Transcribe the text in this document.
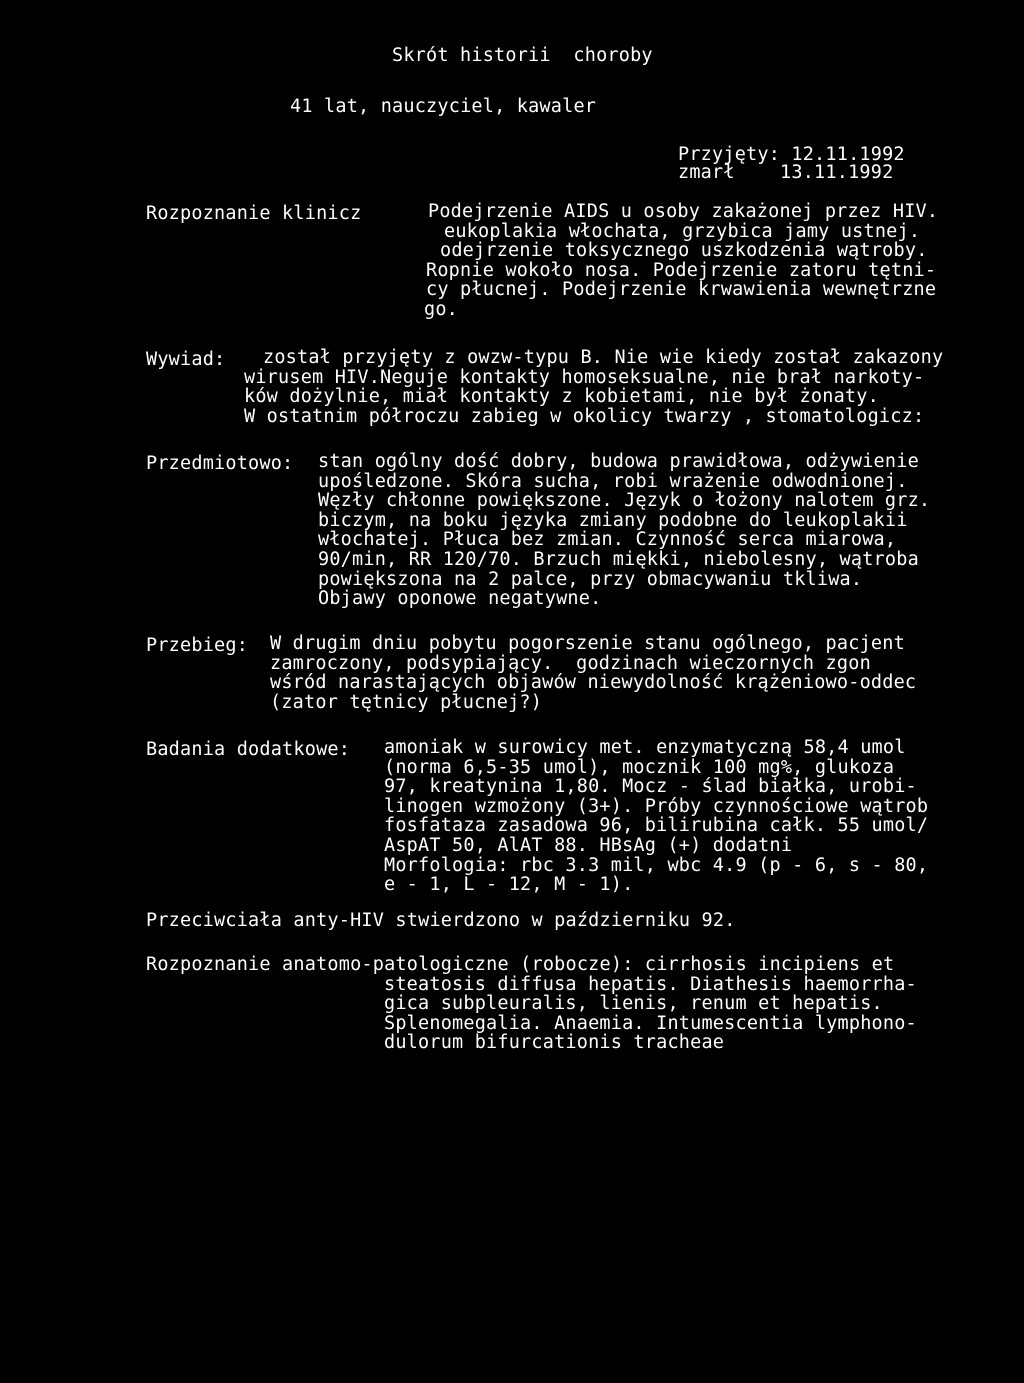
Skrót historii  choroby
41 lat, nauczyciel, kawaler
Przyjęty: 12.11.1992
zmarł    13.11.1992
Rozpoznanie klinicz	Podejrzenie AIDS u osoby zakażonej przez HIV.
eukoplakia włochata, grzybica jamy ustnej.
odejrzenie toksycznego uszkodzenia wątroby.
Ropnie wokoło nosa. Podejrzenie zatoru tętni-
cy płucnej. Podejrzenie krwawienia wewnętrzne
go.
Wywiad: został przyjęty z owzw-typu B. Nie wie kiedy został zakazony
wirusem HIV.Neguje kontakty homoseksualne, nie brał narkoty-
ków dożylnie, miał kontakty z kobietami, nie był żonaty.
W ostatnim półroczu zabieg w okolicy twarzy , stomatologicz:
Przedmiotowo: stan ogólny dość dobry, budowa prawidłowa, odżywienie
upośledzone. Skóra sucha, robi wrażenie odwodnionej.
Węzły chłonne powiększone. Język o łożony nalotem grz.
biczym, na boku języka zmiany podobne do leukoplakii
włochatej. Płuca bez zmian. Czynność serca miarowa,
90/min, RR 120/70. Brzuch miękki, niebolesny, wątroba
powiększona na 2 palce, przy obmacywaniu tkliwa.
Objawy oponowe negatywne.
Przebieg: W drugim dniu pobytu pogorszenie stanu ogólnego, pacjent
zamroczony, podsypiający.  godzinach wieczornych zgon
wśród narastających objawów niewydolność krążeniowo-oddec
(zator tętnicy płucnej?)
Badania dodatkowe: amoniak w surowicy met. enzymatyczną 58,4 umol
(norma 6,5-35 umol), mocznik 100 mg%, glukoza
97, kreatynina 1,80. Mocz - ślad białka, urobi-
linogen wzmożony (3+). Próby czynnościowe wątrob
fosfataza zasadowa 96, bilirubina całk. 55 umol/
AspAT 50, AlAT 88. HBsAg (+) dodatni
Morfologia: rbc 3.3 mil, wbc 4.9 (p - 6, s - 80,
e - 1, L - 12, M - 1).
Przeciwciała anty-HIV stwierdzono w październiku 92.
Rozpoznanie anatomo-patologiczne (robocze): cirrhosis incipiens et
steatosis diffusa hepatis. Diathesis haemorrha-
gica subpleuralis, lienis, renum et hepatis.
Splenomegalia. Anaemia. Intumescentia lymphono-
dulorum bifurcationis tracheae
